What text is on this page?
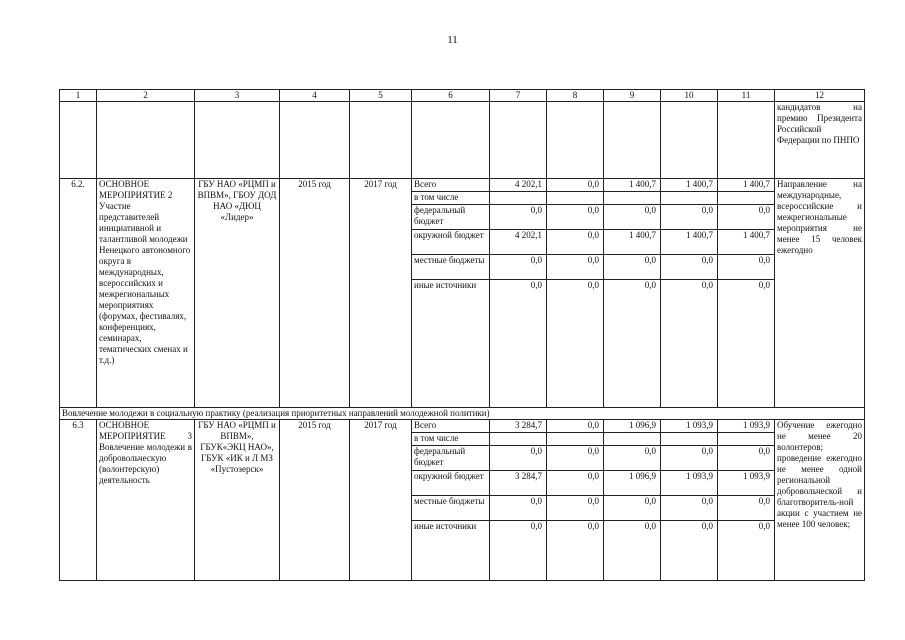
11
1	2	3	4	5	6	7	8	9	10	11	12
											кандидатов на премию Президента Российской Федерации по ПНПО
6.2.	ОСНОВНОЕ МЕРОПРИЯТИЕ 2 Участие представителей инициативной и талантливой молодежи Ненецкого автономного округа в международных, всероссийских и межрегиональных мероприятиях (форумах, фестивалях, конференциях, семинарах, тематических сменах и т.д.)	ГБУ НАО «РЦМП и ВПВМ», ГБОУ ДОД НАО «ДЮЦ «Лидер»	2015 год	2017 год	Всего	4 202,1	0,0	1 400,7	1 400,7	1 400,7	Направление на международные, всероссийские и межрегиональные мероприятия не менее 15 человек ежегодно
					в том числе						
					федеральный бюджет	0,0	0,0	0,0	0,0	0,0	
					окружной бюджет	4 202,1	0,0	1 400,7	1 400,7	1 400,7	
					местные бюджеты	0,0	0,0	0,0	0,0	0,0	
					иные источники	0,0	0,0	0,0	0,0	0,0	
Вовлечение молодежи в социальную практику (реализация приоритетных направлений молодежной политики)											
6.3	ОСНОВНОЕ МЕРОПРИЯТИЕ 3 Вовлечение молодежи в добровольческую (волонтерскую) деятельность	ГБУ НАО «РЦМП и ВПВМ», ГБУК«ЭКЦ НАО», ГБУК «ИК и Л МЗ «Пустозерск»	2015 год	2017 год	Всего	3 284,7	0,0	1 096,9	1 093,9	1 093,9	Обучение ежегодно не менее 20 волонтеров; проведение ежегодно не менее одной региональной добровольческой и благотворитель-ной акции с участием не менее 100 человек;
					в том числе						
					федеральный бюджет	0,0	0,0	0,0	0,0	0,0	
					окружной бюджет	3 284,7	0,0	1 096,9	1 093,9	1 093,9	
					местные бюджеты	0,0	0,0	0,0	0,0	0,0	
					иные источники	0,0	0,0	0,0	0,0	0,0	
